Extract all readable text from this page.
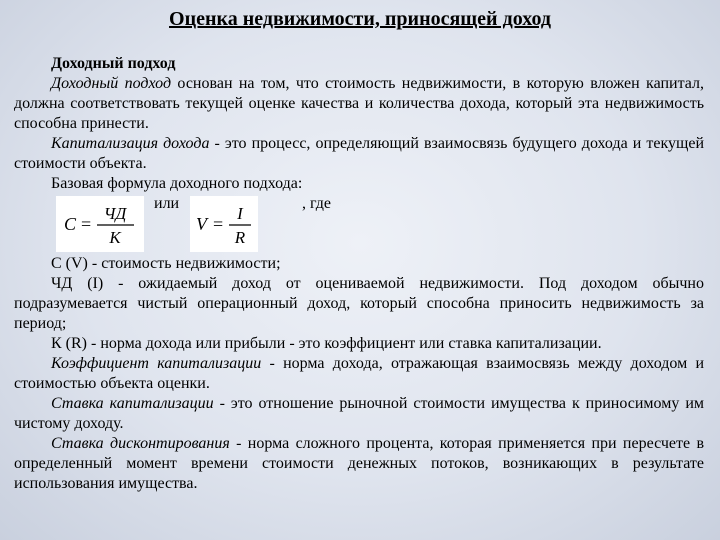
Оценка недвижимости, приносящей доход

Доходный подход

Доходный подход основан на том, что стоимость недвижимости, в которую вложен капитал, должна соответствовать текущей оценке качества и количества дохода, который эта недвижимость способна принести.

Капитализация дохода - это процесс, определяющий взаимосвязь будущего дохода и текущей стоимости объекта.

Базовая формула доходного подхода:

C =
ЧД
K
или
V =
I
R
, где

С (V) - стоимость недвижимости;

ЧД (I) - ожидаемый доход от оцениваемой недвижимости. Под доходом обычно подразумевается чистый операционный доход, который способна приносить недвижимость за период;

К (R) - норма дохода или прибыли - это коэффициент или ставка капитализации.

Коэффициент капитализации - норма дохода, отражающая взаимосвязь между доходом и стоимостью объекта оценки.

Ставка капитализации - это отношение рыночной стоимости имущества к приносимому им чистому доходу.

Ставка дисконтирования - норма сложного процента, которая применяется при пересчете в определенный момент времени стоимости денежных потоков, возникающих в результате использования имущества.
